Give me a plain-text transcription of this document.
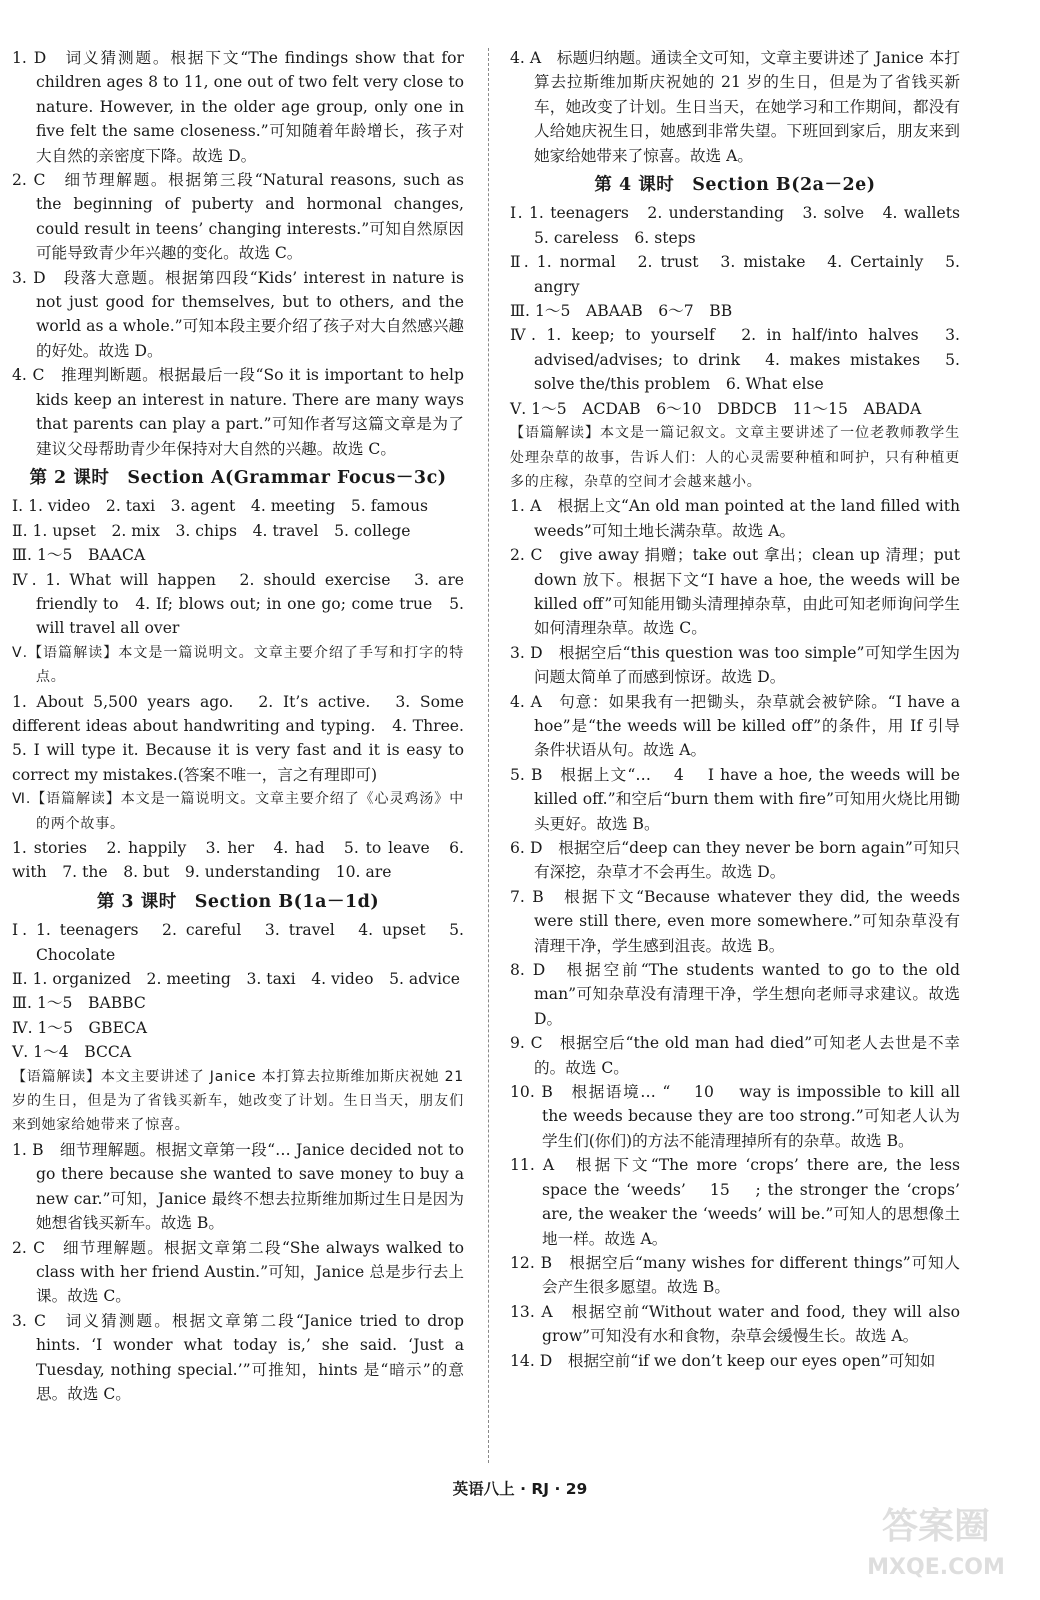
1. D　词义猜测题。根据下文“The findings show that for children ages 8 to 11, one out of two felt very close to nature. However, in the older age group, only one in five felt the same closeness.”可知随着年龄增长，孩子对大自然的亲密度下降。故选 D。

2. C　细节理解题。根据第三段“Natural reasons, such as the beginning of puberty and hormonal changes, could result in teens’ changing interests.”可知自然原因可能导致青少年兴趣的变化。故选 C。

3. D　段落大意题。根据第四段“Kids’ interest in nature is not just good for themselves, but to others, and the world as a whole.”可知本段主要介绍了孩子对大自然感兴趣的好处。故选 D。

4. C　推理判断题。根据最后一段“So it is important to help kids keep an interest in nature. There are many ways that parents can play a part.”可知作者写这篇文章是为了建议父母帮助青少年保持对大自然的兴趣。故选 C。

第 2 课时　Section A(Grammar Focus－3c)

Ⅰ. 1. video　2. taxi　3. agent　4. meeting　5. famous

Ⅱ. 1. upset　2. mix　3. chips　4. travel　5. college

Ⅲ. 1～5　BAACA

Ⅳ. 1. What will happen　2. should exercise　3. are friendly to　4. If; blows out; in one go; come true　5. will travel all over

Ⅴ.【语篇解读】本文是一篇说明文。文章主要介绍了手写和打字的特点。

1. About 5,500 years ago.　2. It’s active.　3. Some different ideas about handwriting and typing.　4. Three.　5. I will type it. Because it is very fast and it is easy to correct my mistakes.(答案不唯一，言之有理即可)

Ⅵ.【语篇解读】本文是一篇说明文。文章主要介绍了《心灵鸡汤》中的两个故事。

1. stories　2. happily　3. her　4. had　5. to leave　6. with　7. the　8. but　9. understanding　10. are

第 3 课时　Section B(1a－1d)

Ⅰ. 1. teenagers　2. careful　3. travel　4. upset　5. Chocolate

Ⅱ. 1. organized　2. meeting　3. taxi　4. video　5. advice

Ⅲ. 1～5　BABBC

Ⅳ. 1～5　GBECA

Ⅴ. 1～4　BCCA

【语篇解读】本文主要讲述了 Janice 本打算去拉斯维加斯庆祝她 21 岁的生日，但是为了省钱买新车，她改变了计划。生日当天，朋友们来到她家给她带来了惊喜。

1. B　细节理解题。根据文章第一段“… Janice decided not to go there because she wanted to save money to buy a new car.”可知，Janice 最终不想去拉斯维加斯过生日是因为她想省钱买新车。故选 B。

2. C　细节理解题。根据文章第二段“She always walked to class with her friend Austin.”可知，Janice 总是步行去上课。故选 C。

3. C　词义猜测题。根据文章第二段“Janice tried to drop hints. ‘I wonder what today is,’ she said. ‘Just a Tuesday, nothing special.’”可推知，hints 是“暗示”的意思。故选 C。

4. A　标题归纳题。通读全文可知，文章主要讲述了 Janice 本打算去拉斯维加斯庆祝她的 21 岁的生日，但是为了省钱买新车，她改变了计划。生日当天，在她学习和工作期间，都没有人给她庆祝生日，她感到非常失望。下班回到家后，朋友来到她家给她带来了惊喜。故选 A。

第 4 课时　Section B(2a－2e)

Ⅰ. 1. teenagers　2. understanding　3. solve　4. wallets　5. careless　6. steps

Ⅱ. 1. normal　2. trust　3. mistake　4. Certainly　5. angry

Ⅲ. 1～5　ABAAB　6～7　BB

Ⅳ. 1. keep; to yourself　2. in half/into halves　3. advised/advises; to drink　4. makes mistakes　5. solve the/this problem　6. What else

Ⅴ. 1～5　ACDAB　6～10　DBDCB　11～15　ABADA

【语篇解读】本文是一篇记叙文。文章主要讲述了一位老教师教学生处理杂草的故事，告诉人们：人的心灵需要种植和呵护，只有种植更多的庄稼，杂草的空间才会越来越小。

1. A　根据上文“An old man pointed at the land filled with weeds”可知土地长满杂草。故选 A。

2. C　give away 捐赠；take out 拿出；clean up 清理；put down 放下。根据下文“I have a hoe, the weeds will be killed off”可知能用锄头清理掉杂草，由此可知老师询问学生如何清理杂草。故选 C。

3. D　根据空后“this question was too simple”可知学生因为问题太简单了而感到惊讶。故选 D。

4. A　句意：如果我有一把锄头，杂草就会被铲除。“I have a hoe”是“the weeds will be killed off”的条件，用 If 引导条件状语从句。故选 A。

5. B　根据上文“… 　4　 I have a hoe, the weeds will be killed off.”和空后“burn them with fire”可知用火烧比用锄头更好。故选 B。

6. D　根据空后“deep can they never be born again”可知只有深挖，杂草才不会再生。故选 D。

7. B　根据下文“Because whatever they did, the weeds were still there, even more somewhere.”可知杂草没有清理干净，学生感到沮丧。故选 B。

8. D　根据空前“The students wanted to go to the old man”可知杂草没有清理干净，学生想向老师寻求建议。故选 D。

9. C　根据空后“the old man had died”可知老人去世是不幸的。故选 C。

10. B　根据语境… “ 　10　 way is impossible to kill all the weeds because they are too strong.”可知老人认为学生们(你们)的方法不能清理掉所有的杂草。故选 B。

11. A　根据下文“The more ‘crops’ there are, the less space the ‘weeds’ 　15　 ; the stronger the ‘crops’ are, the weaker the ‘weeds’ will be.”可知人的思想像土地一样。故选 A。

12. B　根据空后“many wishes for different things”可知人会产生很多愿望。故选 B。

13. A　根据空前“Without water and food, they will also grow”可知没有水和食物，杂草会缓慢生长。故选 A。

14. D　根据空前“if we don’t keep our eyes open”可知如

英语八上 · RJ · 29
答案圈
MXQE.COM
